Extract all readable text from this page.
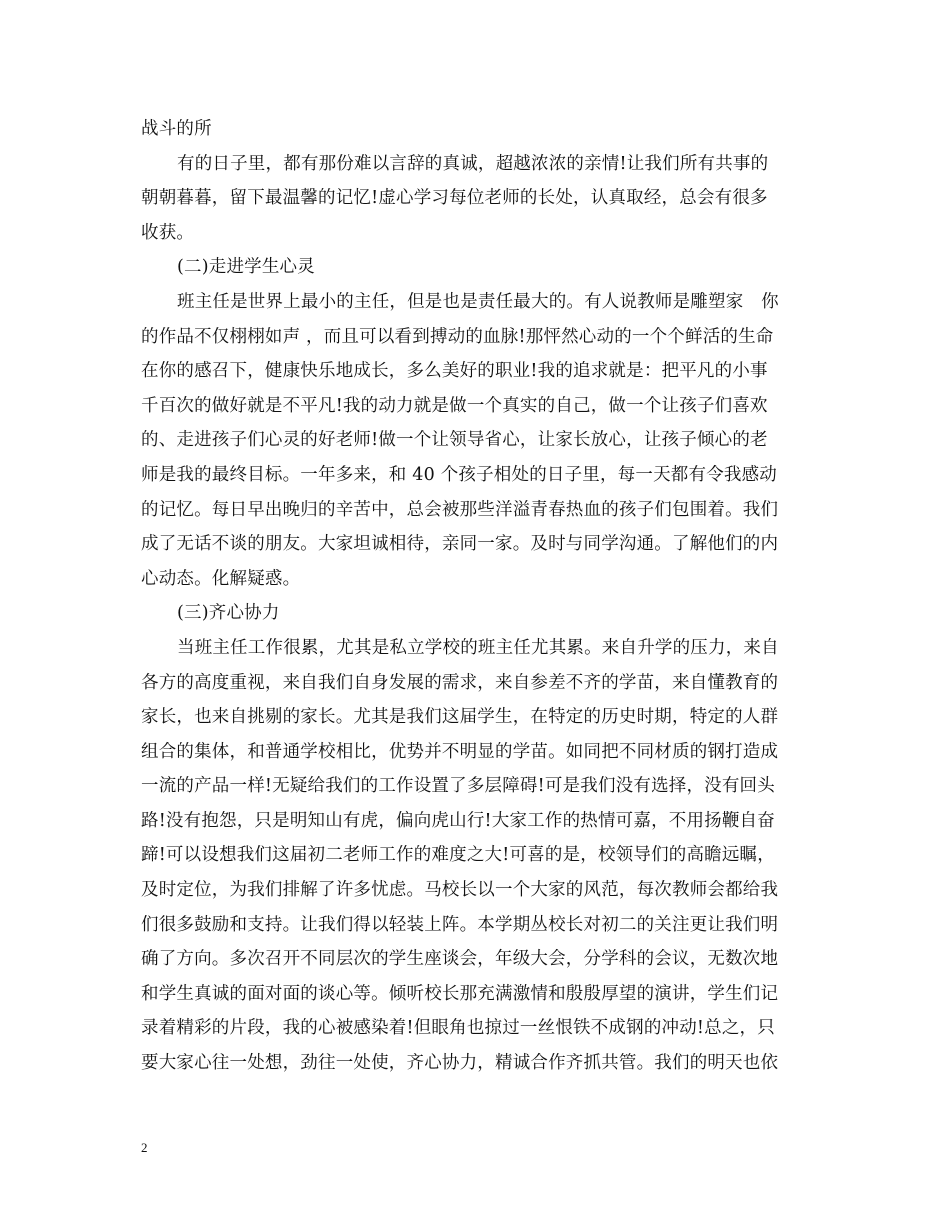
战斗的所
有的日子里，都有那份难以言辞的真诚，超越浓浓的亲情!让我们所有共事的
朝朝暮暮，留下最温馨的记忆!虚心学习每位老师的长处，认真取经，总会有很多
收获。
(二)走进学生心灵
班主任是世界上最小的主任，但是也是责任最大的。有人说教师是雕塑家　你
的作品不仅栩栩如声 ，而且可以看到搏动的血脉!那怦然心动的一个个鲜活的生命
在你的感召下，健康快乐地成长，多么美好的职业!我的追求就是：把平凡的小事
千百次的做好就是不平凡!我的动力就是做一个真实的自己，做一个让孩子们喜欢
的、走进孩子们心灵的好老师!做一个让领导省心，让家长放心，让孩子倾心的老
师是我的最终目标。一年多来，和 40 个孩子相处的日子里，每一天都有令我感动
的记忆。每日早出晚归的辛苦中，总会被那些洋溢青春热血的孩子们包围着。我们
成了无话不谈的朋友。大家坦诚相待，亲同一家。及时与同学沟通。了解他们的内
心动态。化解疑惑。
(三)齐心协力
当班主任工作很累，尤其是私立学校的班主任尤其累。来自升学的压力，来自
各方的高度重视，来自我们自身发展的需求，来自参差不齐的学苗，来自懂教育的
家长，也来自挑剔的家长。尤其是我们这届学生，在特定的历史时期，特定的人群
组合的集体，和普通学校相比，优势并不明显的学苗。如同把不同材质的钢打造成
一流的产品一样!无疑给我们的工作设置了多层障碍!可是我们没有选择，没有回头
路!没有抱怨，只是明知山有虎，偏向虎山行!大家工作的热情可嘉，不用扬鞭自奋
蹄!可以设想我们这届初二老师工作的难度之大!可喜的是，校领导们的高瞻远瞩，
及时定位，为我们排解了许多忧虑。马校长以一个大家的风范，每次教师会都给我
们很多鼓励和支持。让我们得以轻装上阵。本学期丛校长对初二的关注更让我们明
确了方向。多次召开不同层次的学生座谈会，年级大会，分学科的会议，无数次地
和学生真诚的面对面的谈心等。倾听校长那充满激情和殷殷厚望的演讲，学生们记
录着精彩的片段，我的心被感染着!但眼角也掠过一丝恨铁不成钢的冲动!总之，只
要大家心往一处想，劲往一处使，齐心协力，精诚合作齐抓共管。我们的明天也依
2
